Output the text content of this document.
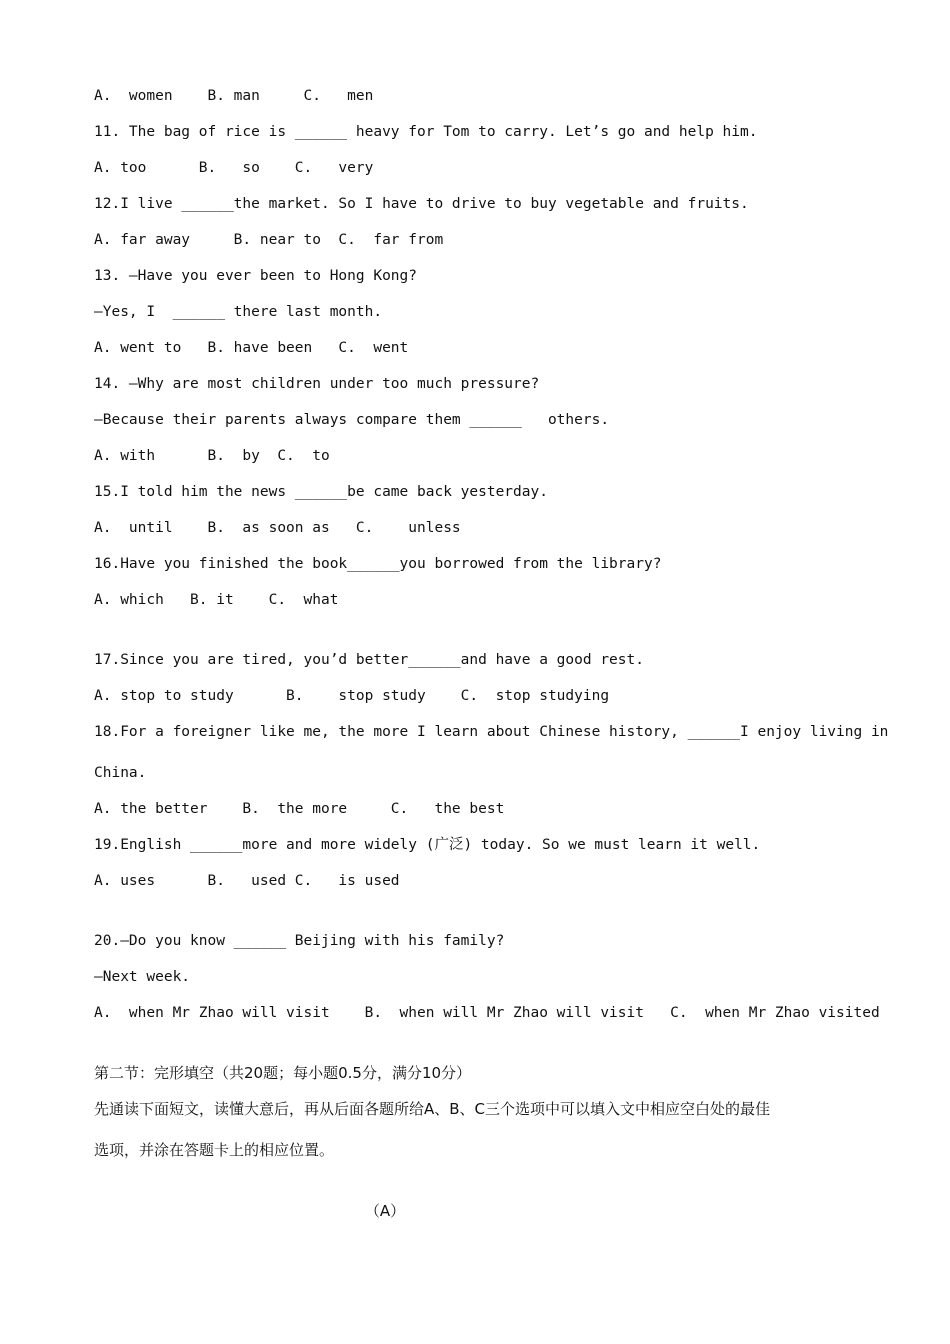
A.  women    B. man     C.   men
11. The bag of rice is ______ heavy for Tom to carry. Let’s go and help him.
A. too      B.   so    C.   very
12.I live ______the market. So I have to drive to buy vegetable and fruits.
A. far away     B. near to  C.  far from
13. —Have you ever been to Hong Kong?
—Yes, I  ______ there last month.
A. went to   B. have been   C.  went
14. —Why are most children under too much pressure?
—Because their parents always compare them ______   others.
A. with      B.  by  C.  to
15.I told him the news ______be came back yesterday.
A.  until    B.  as soon as   C.    unless
16.Have you finished the book______you borrowed from the library?
A. which   B. it    C.  what
17.Since you are tired, you’d better______and have a good rest.
A. stop to study      B.    stop study    C.  stop studying
18.For a foreigner like me, the more I learn about Chinese history, ______I enjoy living in
China.
A. the better    B.  the more     C.   the best
19.English ______more and more widely (广泛) today. So we must learn it well.
A. uses      B.   used C.   is used
20.—Do you know ______ Beijing with his family?
—Next week.
A.  when Mr Zhao will visit    B.  when will Mr Zhao will visit   C.  when Mr Zhao visited
第二节：完形填空（共20题；每小题0.5分，满分10分）
先通读下面短文，读懂大意后，再从后面各题所给A、B、C三个选项中可以填入文中相应空白处的最佳
选项，并涂在答题卡上的相应位置。
（A）
